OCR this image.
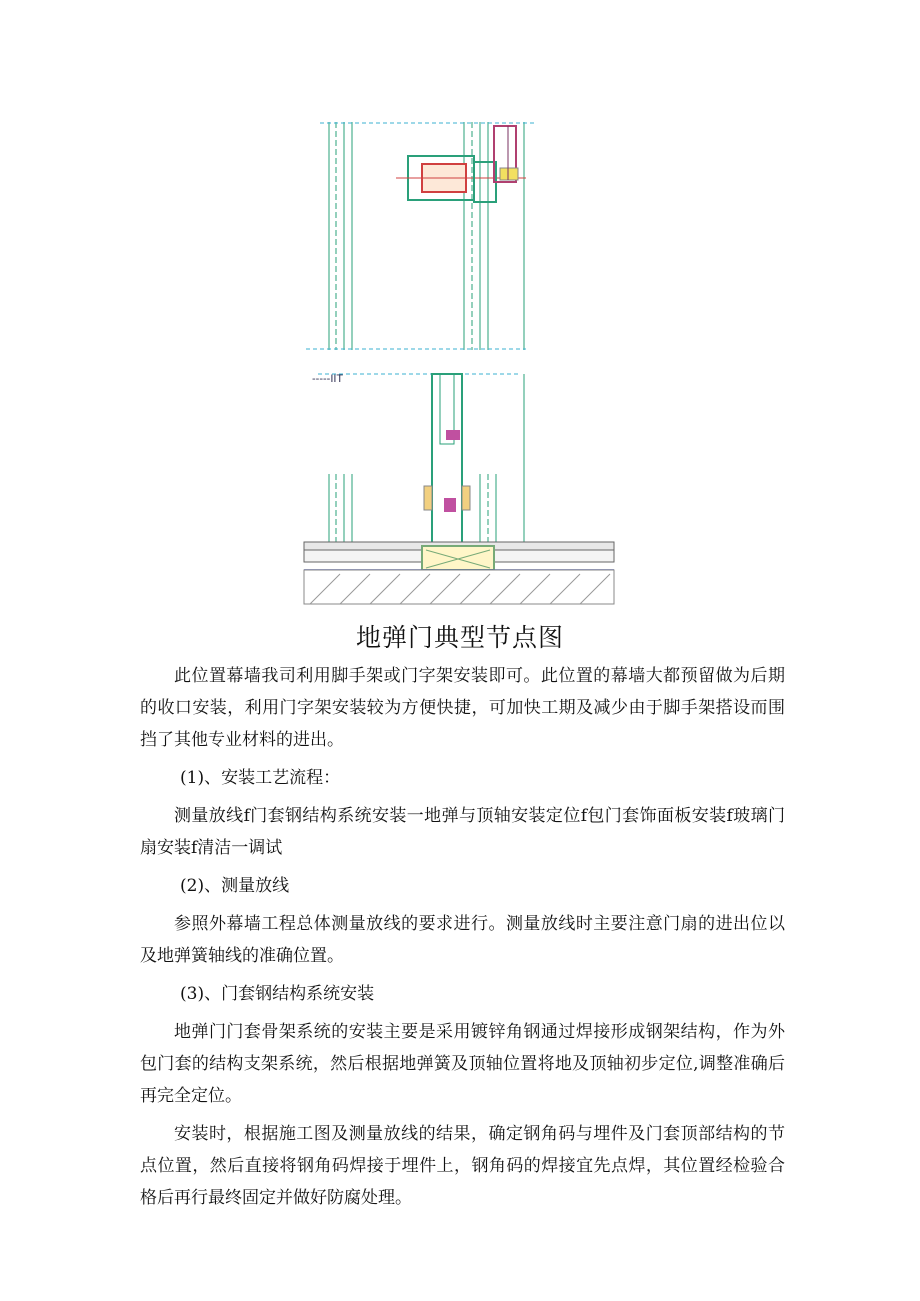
-----IIT
地弹门典型节点图

此位置幕墙我司利用脚手架或门字架安装即可。此位置的幕墙大都预留做为后期的收口安装，利用门字架安装较为方便快捷，可加快工期及减少由于脚手架搭设而围挡了其他专业材料的进出。

(1)、安装工艺流程：

测量放线f门套钢结构系统安装一地弹与顶轴安装定位f包门套饰面板安装f玻璃门扇安装f清洁一调试

(2)、测量放线

参照外幕墙工程总体测量放线的要求进行。测量放线时主要注意门扇的进出位以及地弹簧轴线的准确位置。

(3)、门套钢结构系统安装

地弹门门套骨架系统的安装主要是采用镀锌角钢通过焊接形成钢架结构，作为外包门套的结构支架系统，然后根据地弹簧及顶轴位置将地及顶轴初步定位,调整准确后再完全定位。

安装时，根据施工图及测量放线的结果，确定钢角码与埋件及门套顶部结构的节点位置，然后直接将钢角码焊接于埋件上，钢角码的焊接宜先点焊，其位置经检验合格后再行最终固定并做好防腐处理。
